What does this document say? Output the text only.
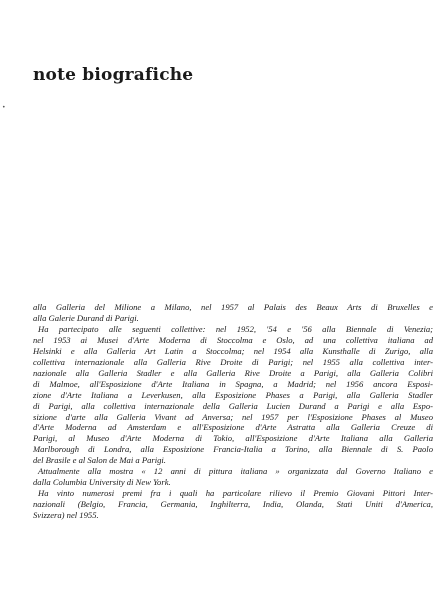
note biografiche
•

alla Galleria del Milione a Milano, nel 1957 al Palais des Beaux Arts di Bruxelles e
alla Galerie Durand di Parigi.

Ha partecipato alle seguenti collettive: nel 1952, '54 e '56 alla Biennale di Venezia;
nel 1953 ai Musei d'Arte Moderna di Stoccolma e Oslo, ad una collettiva italiana ad
Helsinki e alla Galleria Art Latin a Stoccolma; nel 1954 alla Kunsthalle di Zurigo, alla
collettiva internazionale alla Galleria Rive Droite di Parigi; nel 1955 alla collettiva inter-
nazionale alla Galleria Stadler e alla Galleria Rive Droite a Parigi, alla Galleria Colibri
di Malmoe, all'Esposizione d'Arte Italiana in Spagna, a Madrid; nel 1956 ancora Esposi-
zione d'Arte Italiana a Leverkusen, alla Esposizione Phases a Parigi, alla Galleria Stadler
di Parigi, alla collettiva internazionale della Galleria Lucien Durand a Parigi e alla Espo-
sizione d'arte alla Galleria Vivant ad Anversa; nel 1957 per l'Esposizione Phases al Museo
d'Arte Moderna ad Amsterdam e all'Esposizione d'Arte Astratta alla Galleria Creuze di
Parigi, al Museo d'Arte Moderna di Tokio, all'Esposizione d'Arte Italiana alla Galleria
Marlborough di Londra, alla Esposizione Francia-Italia a Torino, alla Biennale di S. Paolo
del Brasile e al Salon de Mai a Parigi.

Attualmente alla mostra « 12 anni di pittura italiana » organizzata dal Governo Italiano e
dalla Columbia University di New York.

Ha vinto numerosi premi fra i quali ha particolare rilievo il Premio Giovani Pittori Inter-
nazionali (Belgio, Francia, Germania, Inghilterra, India, Olanda, Stati Uniti d'America,
Svizzera) nel 1955.
